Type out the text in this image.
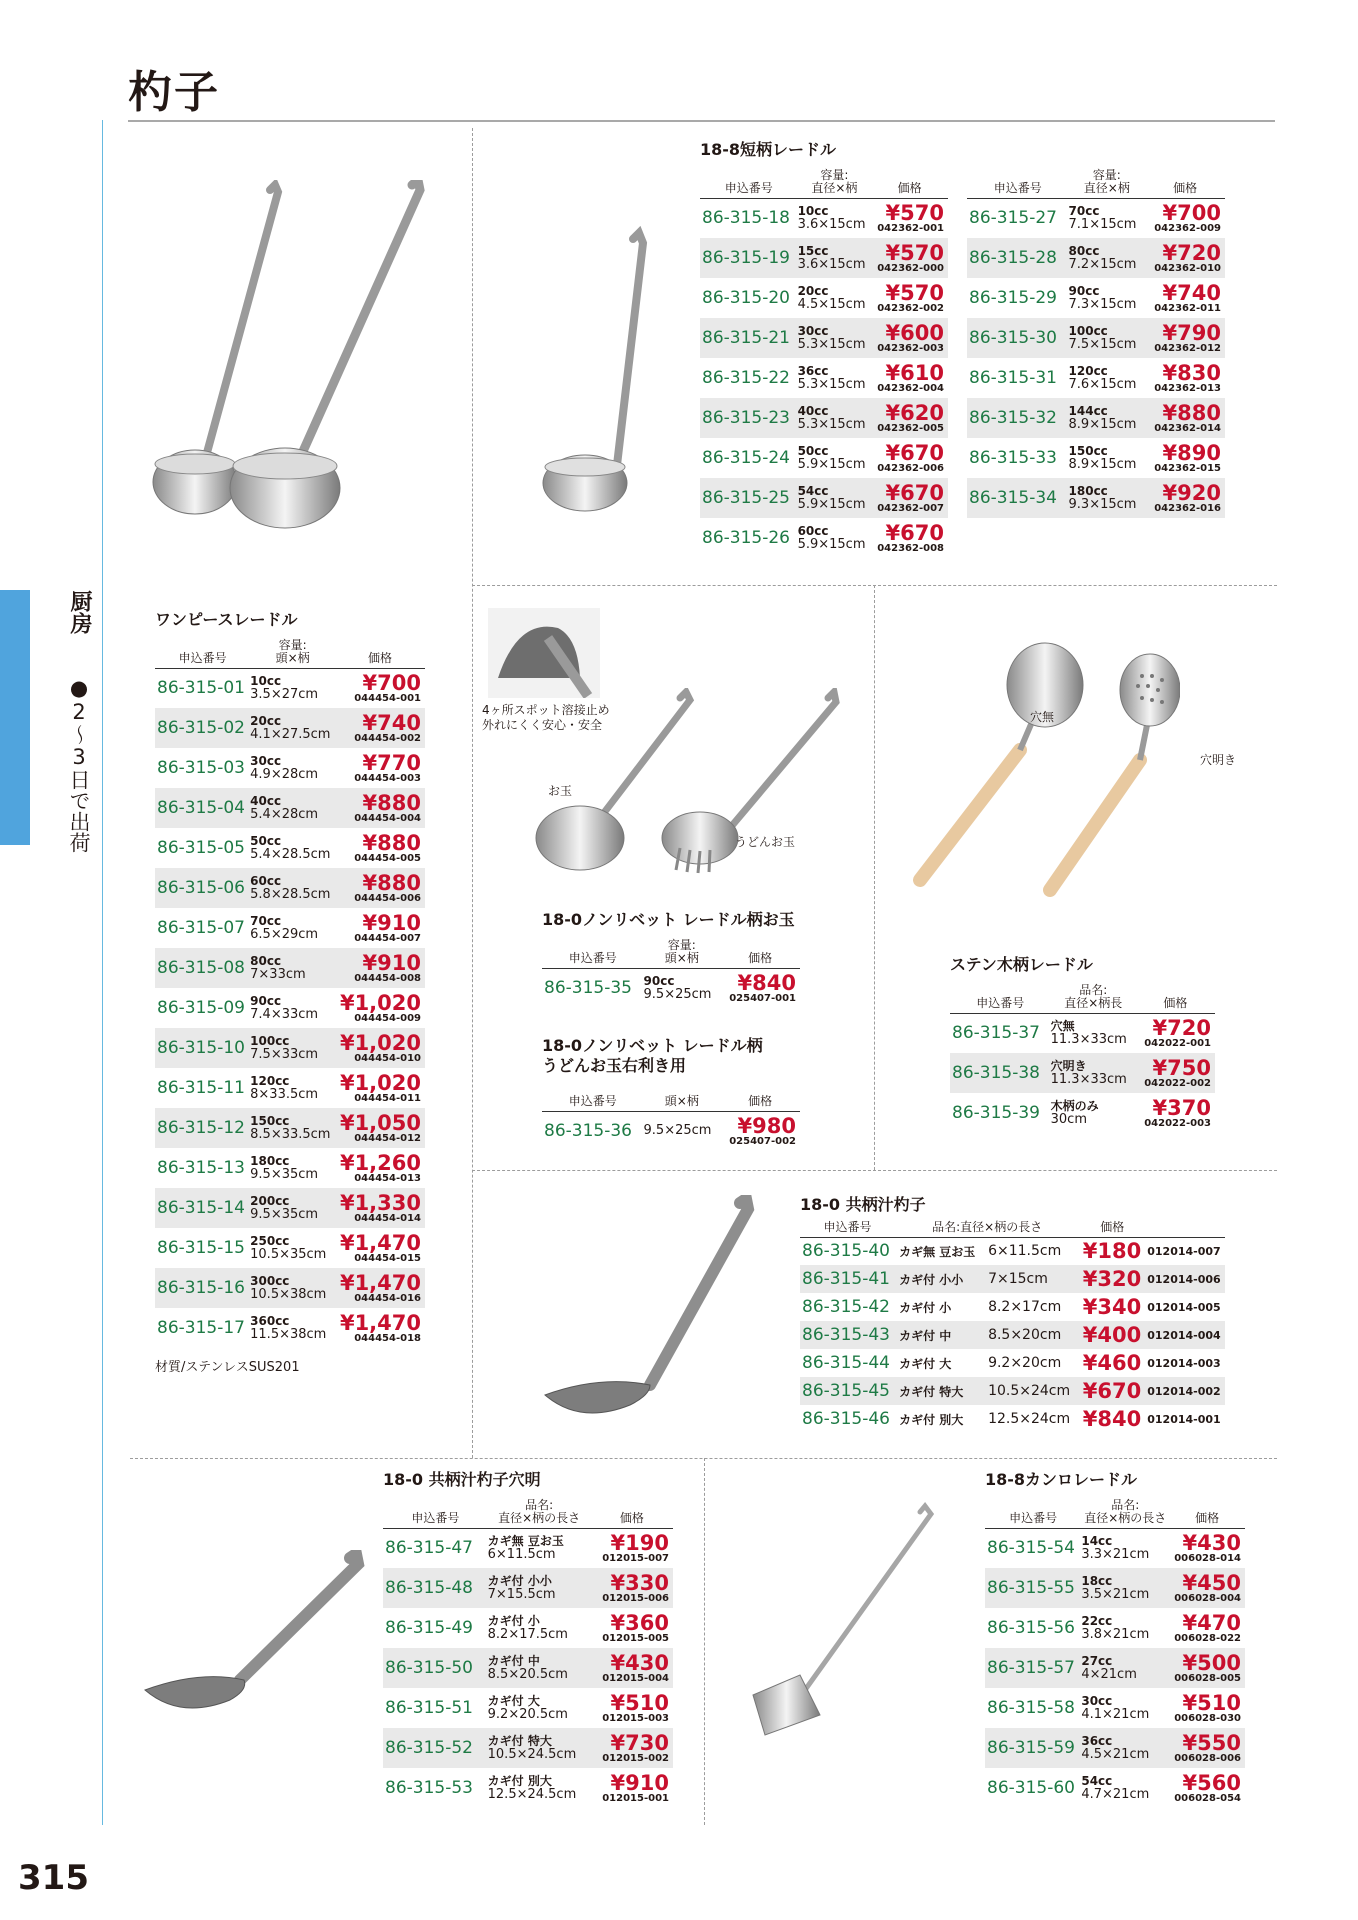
杓子
厨房
●2〜3日で出荷
315
4ヶ所スポット溶接止め
外れにくく安心・安全
お玉
うどんお玉
穴無
穴明き
18-8短柄レードル
ワンピースレードル
18-0ノンリベット レードル柄お玉
18-0ノンリベット レードル柄
うどんお玉右利き用
ステン木柄レードル
18-0 共柄汁杓子
18-0 共柄汁杓子穴明	18-8カンロレードル
申込番号	容量:
直径×柄	価格
86-315-18	10cc
3.6×15cm	¥570
042362-001

86-315-19	15cc
3.6×15cm	¥570
042362-000

86-315-20	20cc
4.5×15cm	¥570
042362-002

86-315-21	30cc
5.3×15cm	¥600
042362-003

86-315-22	36cc
5.3×15cm	¥610
042362-004

86-315-23	40cc
5.3×15cm	¥620
042362-005

86-315-24	50cc
5.9×15cm	¥670
042362-006

86-315-25	54cc
5.9×15cm	¥670
042362-007

86-315-26	60cc
5.9×15cm	¥670
042362-008
申込番号	容量:
直径×柄	価格
86-315-27	70cc
7.1×15cm	¥700
042362-009

86-315-28	80cc
7.2×15cm	¥720
042362-010

86-315-29	90cc
7.3×15cm	¥740
042362-011

86-315-30	100cc
7.5×15cm	¥790
042362-012

86-315-31	120cc
7.6×15cm	¥830
042362-013

86-315-32	144cc
8.9×15cm	¥880
042362-014

86-315-33	150cc
8.9×15cm	¥890
042362-015

86-315-34	180cc
9.3×15cm	¥920
042362-016
申込番号	容量:
頭×柄	価格
86-315-01	10cc
3.5×27cm	¥700
044454-001

86-315-02	20cc
4.1×27.5cm	¥740
044454-002

86-315-03	30cc
4.9×28cm	¥770
044454-003

86-315-04	40cc
5.4×28cm	¥880
044454-004

86-315-05	50cc
5.4×28.5cm	¥880
044454-005

86-315-06	60cc
5.8×28.5cm	¥880
044454-006

86-315-07	70cc
6.5×29cm	¥910
044454-007

86-315-08	80cc
7×33cm	¥910
044454-008

86-315-09	90cc
7.4×33cm	¥1,020
044454-009

86-315-10	100cc
7.5×33cm	¥1,020
044454-010

86-315-11	120cc
8×33.5cm	¥1,020
044454-011

86-315-12	150cc
8.5×33.5cm	¥1,050
044454-012

86-315-13	180cc
9.5×35cm	¥1,260
044454-013

86-315-14	200cc
9.5×35cm	¥1,330
044454-014

86-315-15	250cc
10.5×35cm	¥1,470
044454-015

86-315-16	300cc
10.5×38cm	¥1,470
044454-016

86-315-17	360cc
11.5×38cm	¥1,470
044454-018
申込番号	容量:
頭×柄	価格
86-315-35	90cc
9.5×25cm	¥840
025407-001
申込番号	頭×柄	価格
86-315-36	9.5×25cm	¥980
025407-002
申込番号	品名:
直径×柄長	価格
86-315-37	穴無
11.3×33cm	¥720
042022-001

86-315-38	穴明き
11.3×33cm	¥750
042022-002

86-315-39	木柄のみ
30cm	¥370
042022-003
申込番号	品名:直径×柄の長さ		価格	
86-315-40	カギ無 豆お玉	6×11.5cm	¥180	012014-007
86-315-41	カギ付 小小	7×15cm	¥320	012014-006
86-315-42	カギ付 小	8.2×17cm	¥340	012014-005
86-315-43	カギ付 中	8.5×20cm	¥400	012014-004
86-315-44	カギ付 大	9.2×20cm	¥460	012014-003
86-315-45	カギ付 特大	10.5×24cm	¥670	012014-002
86-315-46	カギ付 別大	12.5×24cm	¥840	012014-001
申込番号	品名:
直径×柄の長さ	価格
86-315-47	カギ無 豆お玉
6×11.5cm	¥190
012015-007

86-315-48	カギ付 小小
7×15.5cm	¥330
012015-006

86-315-49	カギ付 小
8.2×17.5cm	¥360
012015-005

86-315-50	カギ付 中
8.5×20.5cm	¥430
012015-004

86-315-51	カギ付 大
9.2×20.5cm	¥510
012015-003

86-315-52	カギ付 特大
10.5×24.5cm	¥730
012015-002

86-315-53	カギ付 別大
12.5×24.5cm	¥910
012015-001
申込番号	品名:
直径×柄の長さ	価格
86-315-54	14cc
3.3×21cm	¥430
006028-014

86-315-55	18cc
3.5×21cm	¥450
006028-004

86-315-56	22cc
3.8×21cm	¥470
006028-022

86-315-57	27cc
4×21cm	¥500
006028-005

86-315-58	30cc
4.1×21cm	¥510
006028-030

86-315-59	36cc
4.5×21cm	¥550
006028-006

86-315-60	54cc
4.7×21cm	¥560
006028-054
材質/ステンレスSUS201
